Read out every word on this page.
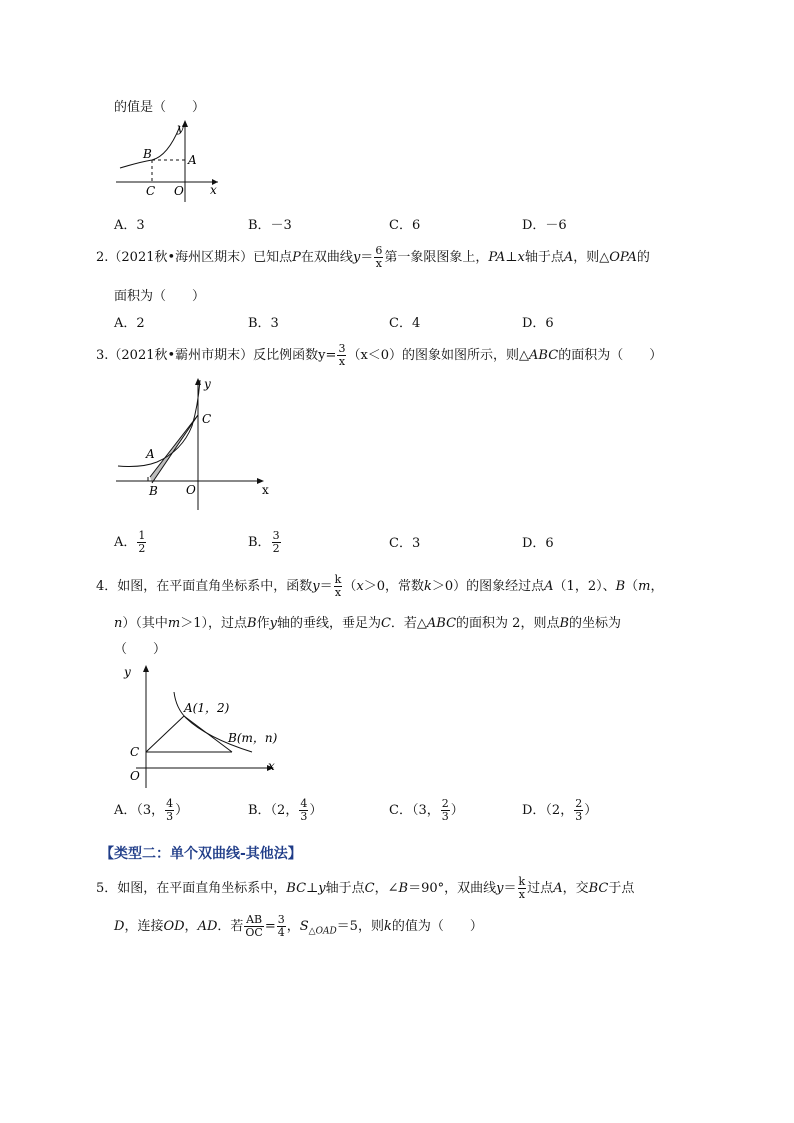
的值是（　　）
y
x
B	A
C O
A．3	B．－3	C．6	D．－6
2.（2021秋•海州区期末）已知点P在双曲线$y= \frac{6}{x}$ 第一象限图象上，PA⊥x轴于点A，则△OPA的
面积为（　　）
A．2	B．3	C．4	D．6
3.（2021秋•霸州市期末）反比例函数$y= \frac{3}{x} (x<0)$的图象如图所示，则△ABC的面积为（　　）
y
x
A
B
C
O
A． $\frac{1}{2}$	B． $\frac{3}{2}$	C．3	D．6
4．如图，在平面直角坐标系中，函数$y= \frac{k}{x} (x>0$，常数k＞0）的图象经过点A（1，2）、B（m，
n）（其中m＞1），过点B作y轴的垂线，垂足为C．若△ABC的面积为 2，则点B的坐标为
（　　）
y
x
A(1，2)
B(m，n)
C
O
A．（3， $\frac{4}{3}$ ）	B．（2， $\frac{4}{3}$ ）	C．（3， $\frac{2}{3}$ ）	D．（2， $\frac{2}{3}$ ）
【类型二：单个双曲线-其他法】
5．如图，在平面直角坐标系中，BC⊥y轴于点C，∠B＝90°，双曲线$y= \frac{k}{x}$ 过点A，交BC于点
D，连接OD，AD．若 $\frac{AB}{OC} = \frac{3}{4}$ ，$S_{\triangle OAD}=5$，则k的值为（　　）
